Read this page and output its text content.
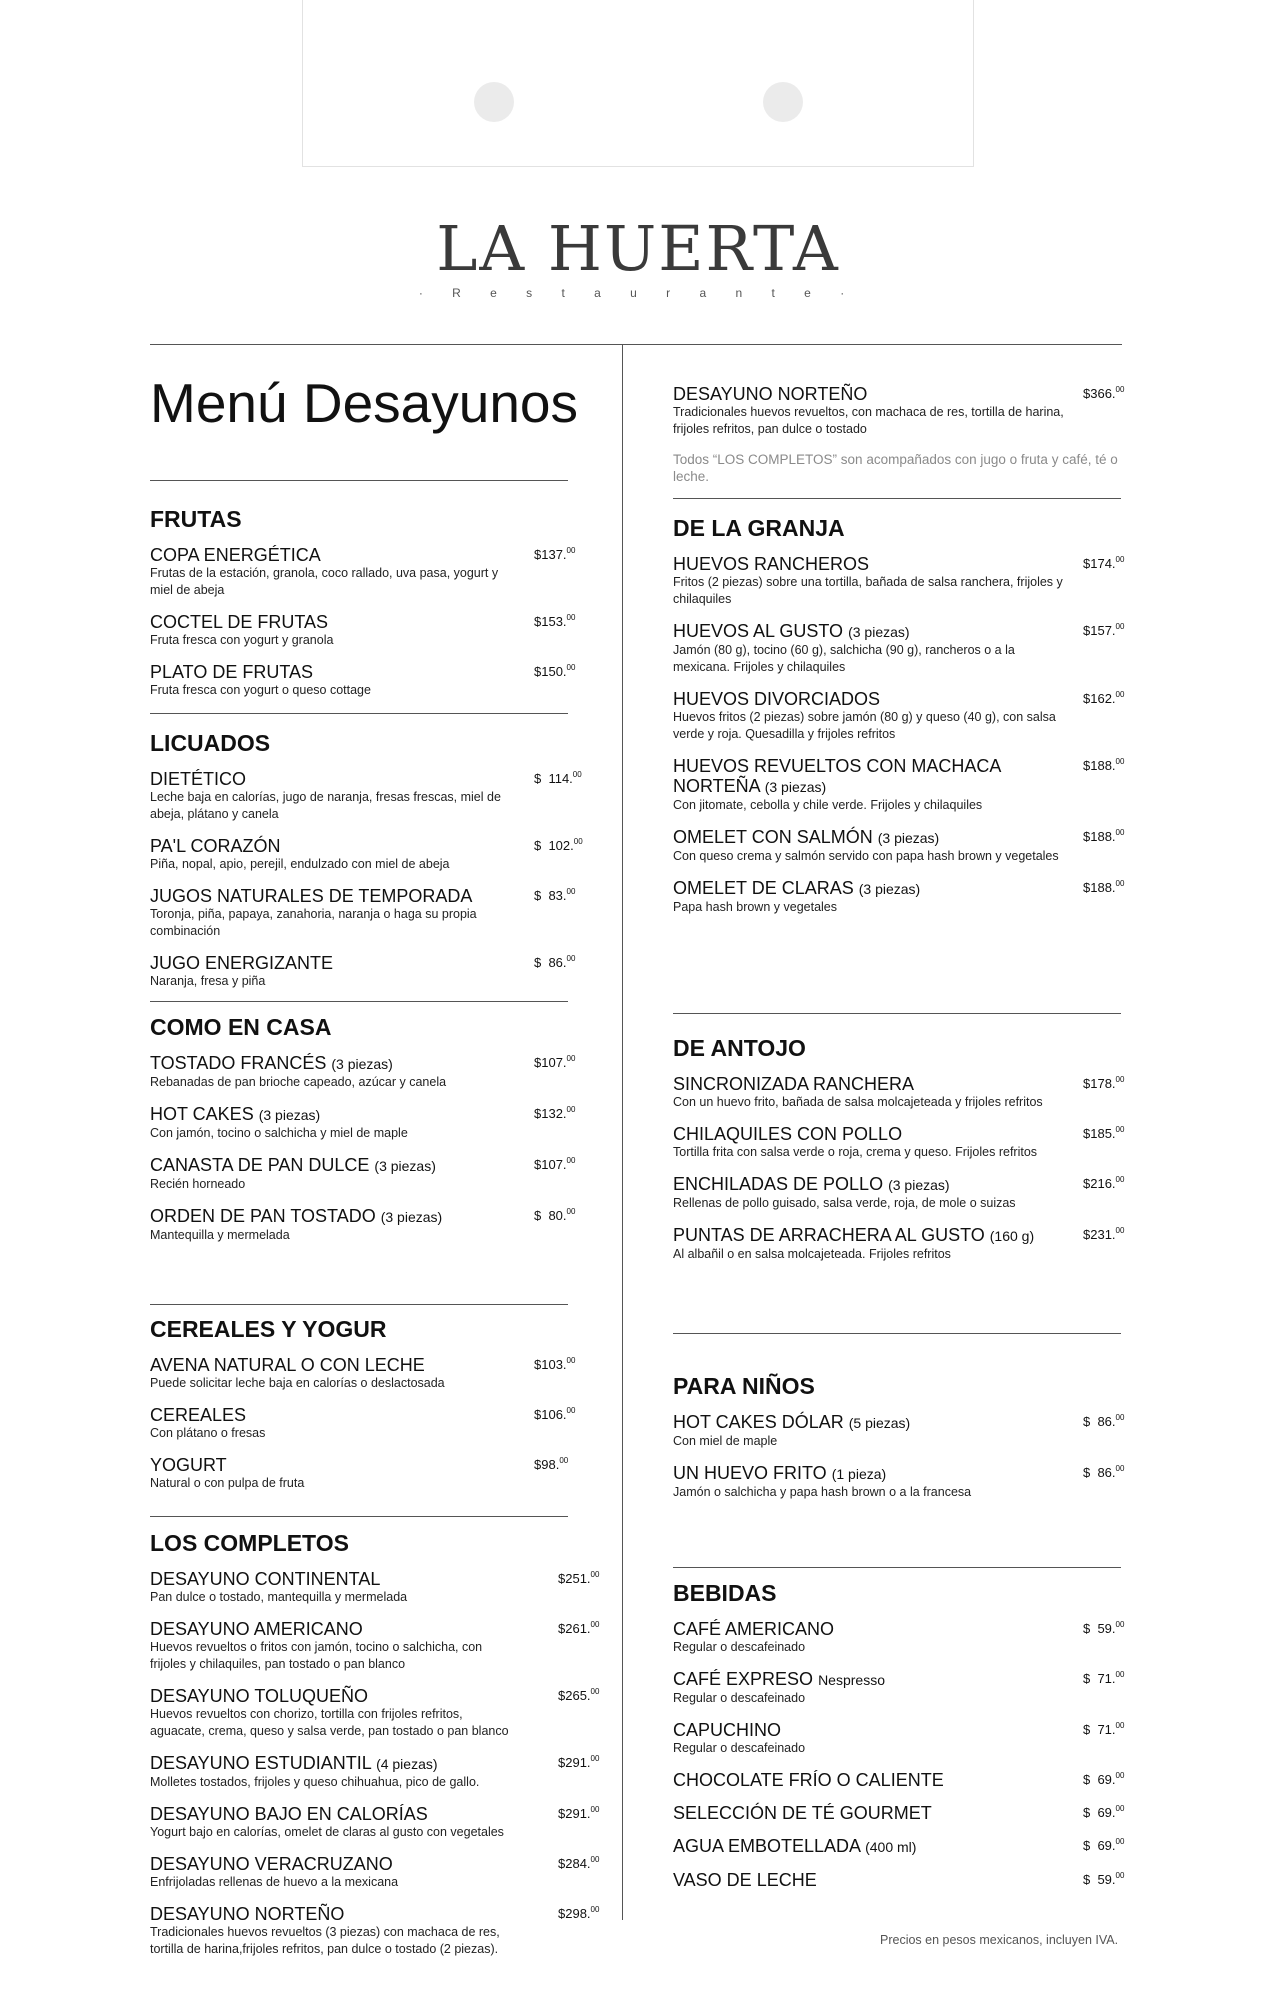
LA HUERTA
· R e s t a u r a n t e ·
Menú Desayunos
FRUTAS
COPA ENERGÉTICA
Frutas de la estación, granola, coco rallado, uva pasa, yogurt y miel de abeja
$137.00
COCTEL DE FRUTAS
Fruta fresca con yogurt y granola
$153.00
PLATO DE FRUTAS
Fruta fresca con yogurt o queso cottage
$150.00
LICUADOS
DIETÉTICO
Leche baja en calorías, jugo de naranja, fresas frescas, miel de abeja, plátano y canela
$  114.00
PA'L CORAZÓN
Piña, nopal, apio, perejil, endulzado con miel de abeja
$  102.00
JUGOS NATURALES DE TEMPORADA
Toronja, piña, papaya, zanahoria, naranja o haga su propia combinación
$  83.00
JUGO ENERGIZANTE
Naranja, fresa y piña
$  86.00
COMO EN CASA
TOSTADO FRANCÉS (3 piezas)
Rebanadas de pan brioche capeado, azúcar y canela
$107.00
HOT CAKES (3 piezas)
Con jamón, tocino o salchicha y miel de maple
$132.00
CANASTA DE PAN DULCE (3 piezas)
Recién horneado
$107.00
ORDEN DE PAN TOSTADO (3 piezas)
Mantequilla y mermelada
$  80.00
CEREALES Y YOGUR
AVENA NATURAL O CON LECHE
Puede solicitar leche baja en calorías o deslactosada
$103.00
CEREALES
Con plátano o fresas
$106.00
YOGURT
Natural o con pulpa de fruta
$98.00
LOS COMPLETOS
DESAYUNO CONTINENTAL
Pan dulce o tostado, mantequilla y mermelada
$251.00
DESAYUNO AMERICANO
Huevos revueltos o fritos con jamón, tocino o salchicha, con frijoles y chilaquiles, pan tostado o pan blanco
$261.00
DESAYUNO TOLUQUEÑO
Huevos revueltos con chorizo, tortilla con frijoles refritos, aguacate, crema, queso y salsa verde, pan tostado o pan blanco
$265.00
DESAYUNO ESTUDIANTIL (4 piezas)
Molletes tostados, frijoles y queso chihuahua, pico de gallo.
$291.00
DESAYUNO BAJO EN CALORÍAS
Yogurt bajo en calorías, omelet de claras al gusto con vegetales
$291.00
DESAYUNO VERACRUZANO
Enfrijoladas rellenas de huevo a la mexicana
$284.00
DESAYUNO NORTEÑO
Tradicionales huevos revueltos (3 piezas) con machaca de res, tortilla de harina,frijoles refritos, pan dulce o tostado (2 piezas).
$298.00
DESAYUNO NORTEÑO
Tradicionales huevos revueltos, con machaca de res, tortilla de harina, frijoles refritos, pan dulce o tostado
$366.00
Todos “LOS COMPLETOS” son acompañados con jugo o fruta y café, té o leche.
DE LA GRANJA
HUEVOS RANCHEROS
Fritos (2 piezas) sobre una tortilla, bañada de salsa ranchera, frijoles y chilaquiles
$174.00
HUEVOS AL GUSTO (3 piezas)
Jamón (80 g), tocino (60 g), salchicha (90 g), rancheros o a la mexicana. Frijoles y chilaquiles
$157.00
HUEVOS DIVORCIADOS
Huevos fritos (2 piezas) sobre jamón (80 g) y queso (40 g), con salsa verde y roja. Quesadilla y frijoles refritos
$162.00
HUEVOS REVUELTOS CON MACHACA NORTEÑA (3 piezas)
Con jitomate, cebolla y chile verde. Frijoles y chilaquiles
$188.00
OMELET CON SALMÓN (3 piezas)
Con queso crema y salmón servido con papa hash brown y vegetales
$188.00
OMELET DE CLARAS (3 piezas)
Papa hash brown y vegetales
$188.00
DE ANTOJO
SINCRONIZADA RANCHERA
Con un huevo frito, bañada de salsa molcajeteada y frijoles refritos
$178.00
CHILAQUILES CON POLLO
Tortilla frita con salsa verde o roja, crema y queso. Frijoles refritos
$185.00
ENCHILADAS DE POLLO (3 piezas)
Rellenas de pollo guisado, salsa verde, roja, de mole o suizas
$216.00
PUNTAS DE ARRACHERA AL GUSTO (160 g)
Al albañil o en salsa molcajeteada. Frijoles refritos
$231.00
PARA NIÑOS
HOT CAKES DÓLAR (5 piezas)
Con miel de maple
$  86.00
UN HUEVO FRITO (1 pieza)
Jamón o salchicha y papa hash brown o a la francesa
$  86.00
BEBIDAS
CAFÉ AMERICANO
Regular o descafeinado
$  59.00
CAFÉ EXPRESO Nespresso
Regular o descafeinado
$  71.00
CAPUCHINO
Regular o descafeinado
$  71.00
CHOCOLATE FRÍO O CALIENTE	$  69.00
SELECCIÓN DE TÉ GOURMET	$  69.00
AGUA EMBOTELLADA (400 ml)	$  69.00
VASO DE LECHE	$  59.00
Precios en pesos mexicanos, incluyen IVA.
